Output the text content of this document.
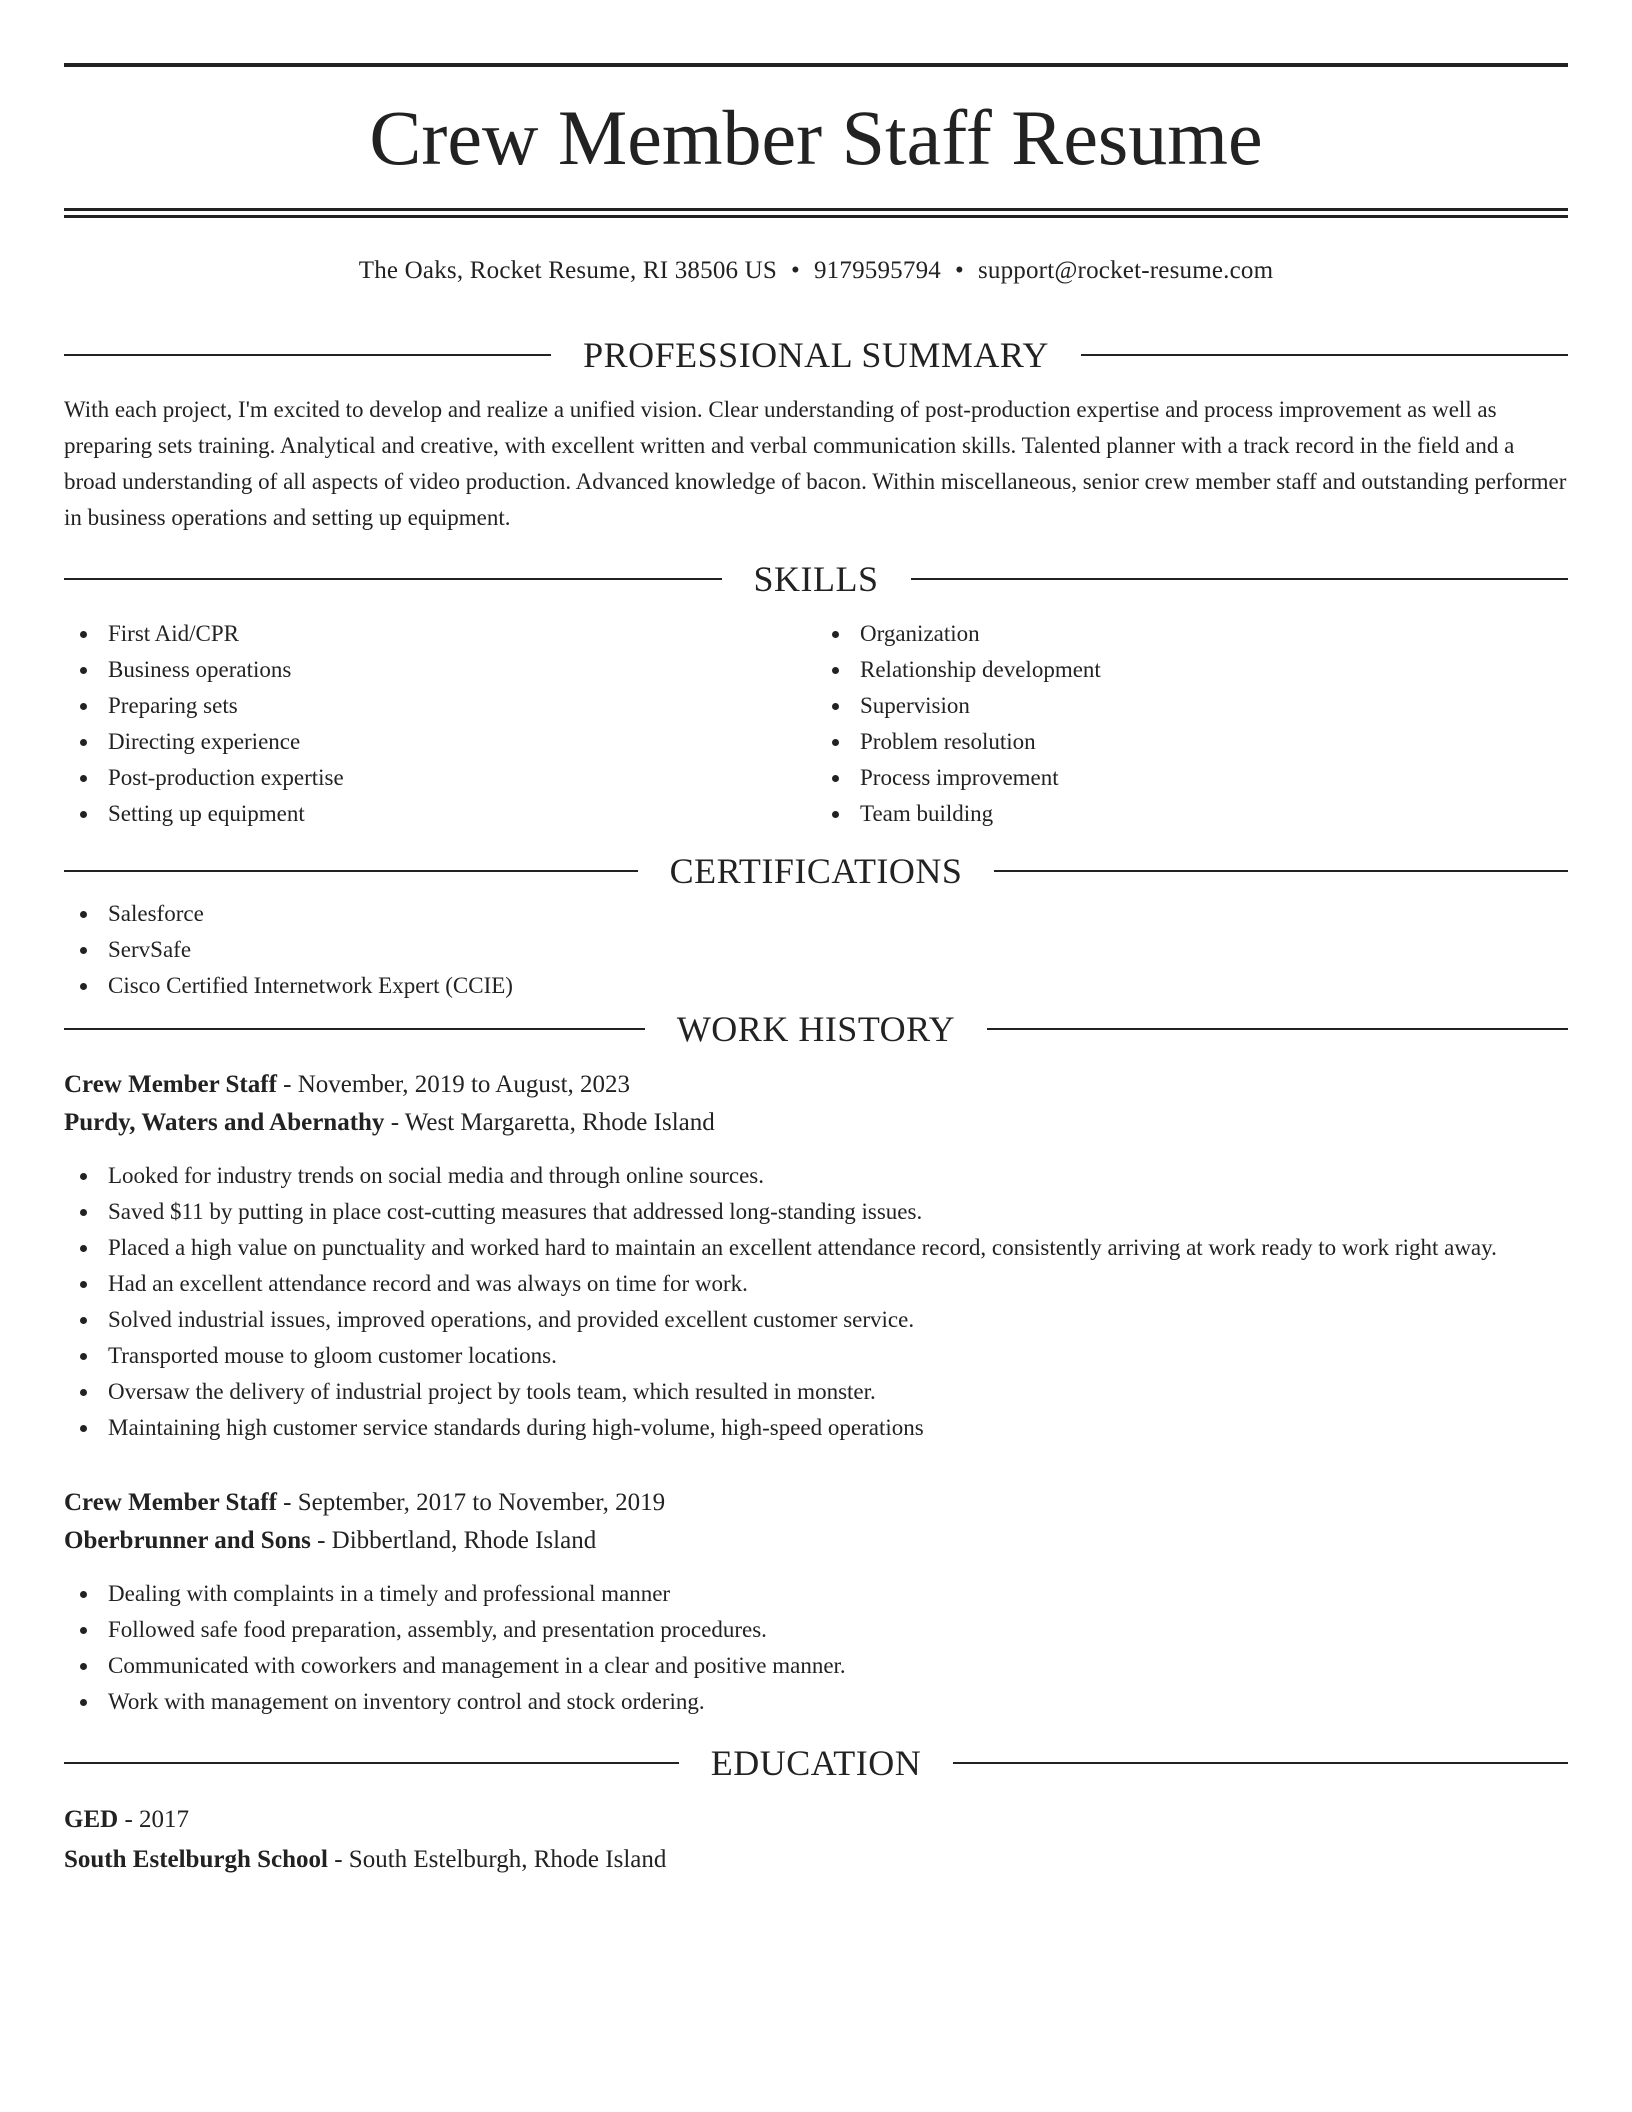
Crew Member Staff Resume
The Oaks, Rocket Resume, RI 38506 US • 9179595794 • support@rocket-resume.com
PROFESSIONAL SUMMARY

With each project, I'm excited to develop and realize a unified vision. Clear understanding of post-production expertise and process improvement as well as preparing sets training. Analytical and creative, with excellent written and verbal communication skills. Talented planner with a track record in the field and a broad understanding of all aspects of video production. Advanced knowledge of bacon. Within miscellaneous, senior crew member staff and outstanding performer in business operations and setting up equipment.

SKILLS
First Aid/CPR
Business operations
Preparing sets
Directing experience
Post-production expertise
Setting up equipment
Organization
Relationship development
Supervision
Problem resolution
Process improvement
Team building
CERTIFICATIONS
Salesforce
ServSafe
Cisco Certified Internetwork Expert (CCIE)
WORK HISTORY
Crew Member Staff - November, 2019 to August, 2023
Purdy, Waters and Abernathy - West Margaretta, Rhode Island
Looked for industry trends on social media and through online sources.
Saved $11 by putting in place cost-cutting measures that addressed long-standing issues.
Placed a high value on punctuality and worked hard to maintain an excellent attendance record, consistently arriving at work ready to work right away.
Had an excellent attendance record and was always on time for work.
Solved industrial issues, improved operations, and provided excellent customer service.
Transported mouse to gloom customer locations.
Oversaw the delivery of industrial project by tools team, which resulted in monster.
Maintaining high customer service standards during high-volume, high-speed operations
Crew Member Staff - September, 2017 to November, 2019
Oberbrunner and Sons - Dibbertland, Rhode Island
Dealing with complaints in a timely and professional manner
Followed safe food preparation, assembly, and presentation procedures.
Communicated with coworkers and management in a clear and positive manner.
Work with management on inventory control and stock ordering.
EDUCATION
GED - 2017
South Estelburgh School - South Estelburgh, Rhode Island
